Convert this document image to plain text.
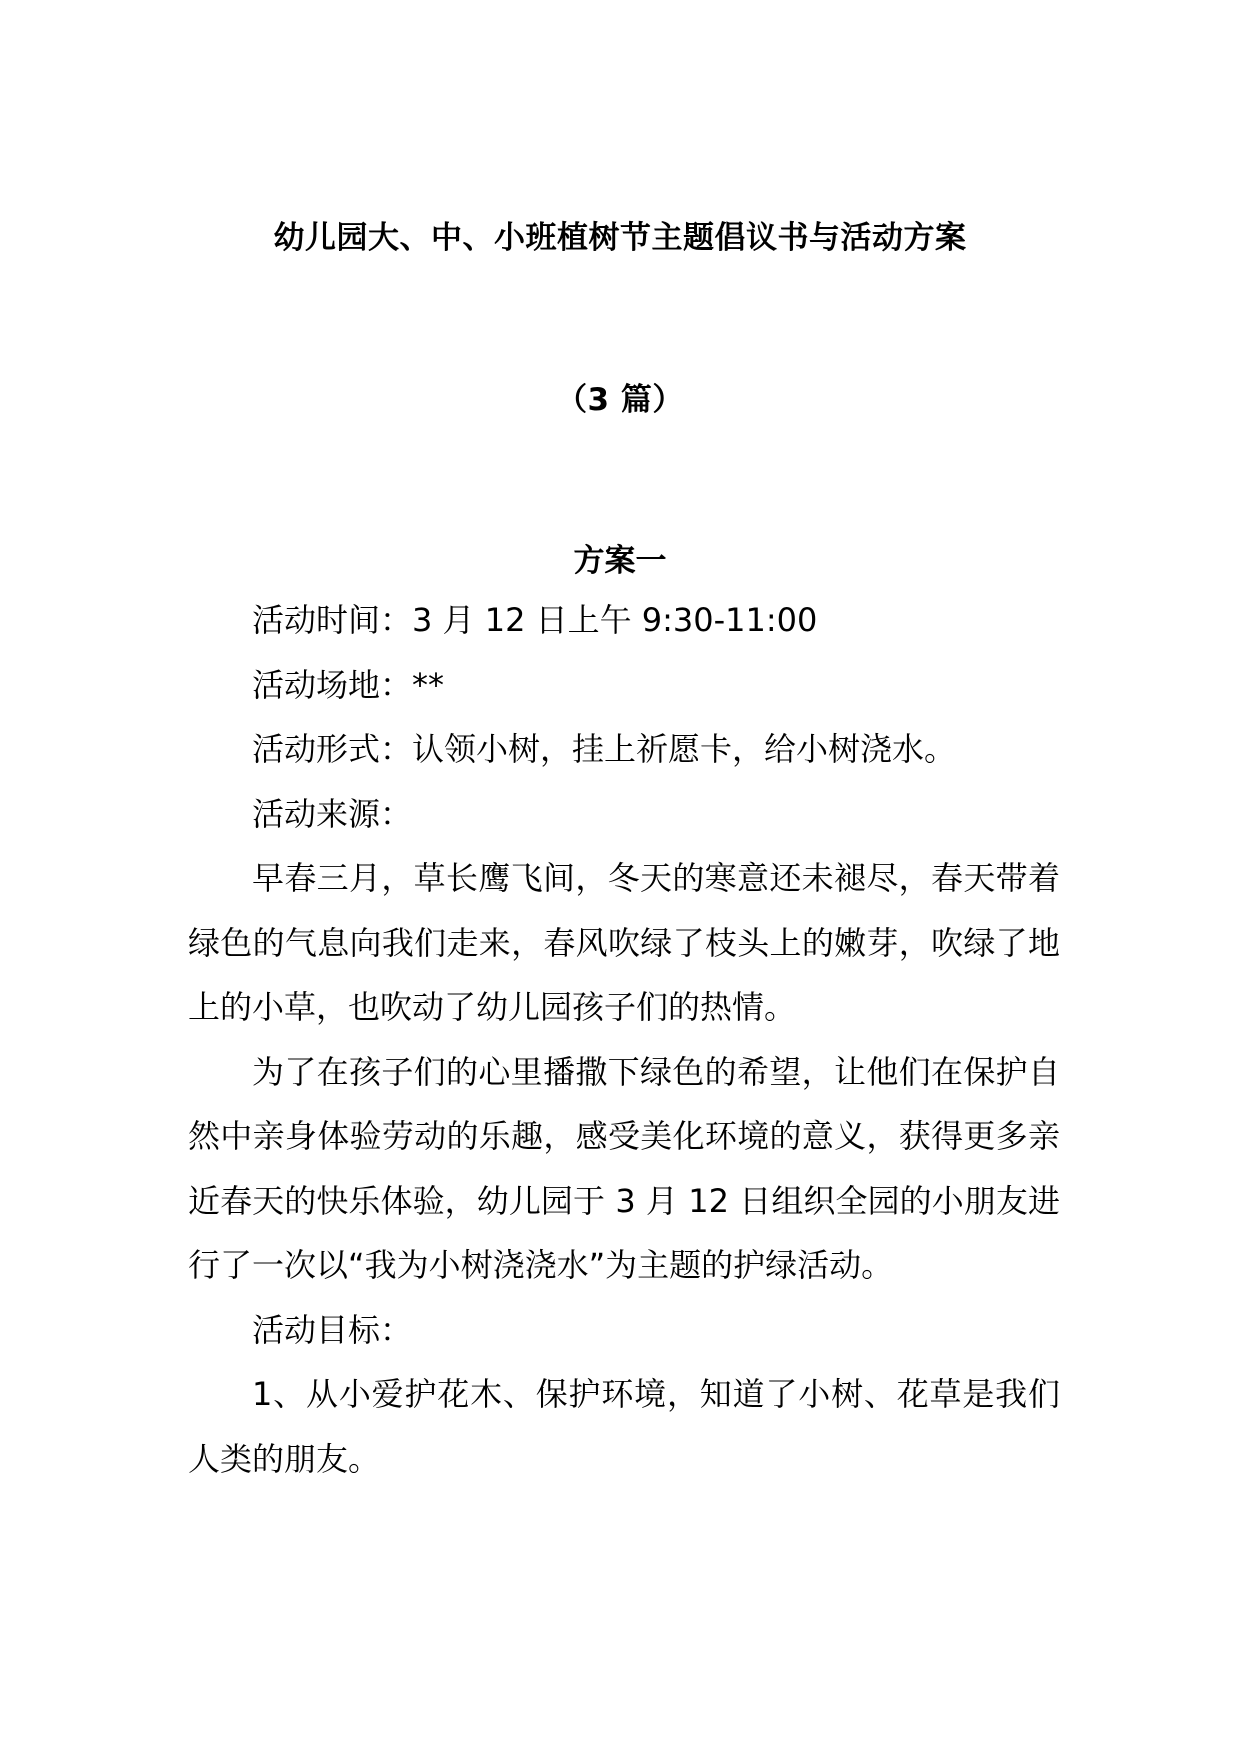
幼儿园大、中、小班植树节主题倡议书与活动方案
（3 篇）
方案一

活动时间：3 月 12 日上午 9:30-11:00

活动场地：**

活动形式：认领小树，挂上祈愿卡，给小树浇水。

活动来源：

早春三月，草长鹰飞间，冬天的寒意还未褪尽，春天带着绿色的气息向我们走来，春风吹绿了枝头上的嫩芽，吹绿了地上的小草，也吹动了幼儿园孩子们的热情。

为了在孩子们的心里播撒下绿色的希望，让他们在保护自然中亲身体验劳动的乐趣，感受美化环境的意义，获得更多亲近春天的快乐体验，幼儿园于 3 月 12 日组织全园的小朋友进行了一次以“我为小树浇浇水”为主题的护绿活动。

活动目标：

1、从小爱护花木、保护环境，知道了小树、花草是我们人类的朋友。
